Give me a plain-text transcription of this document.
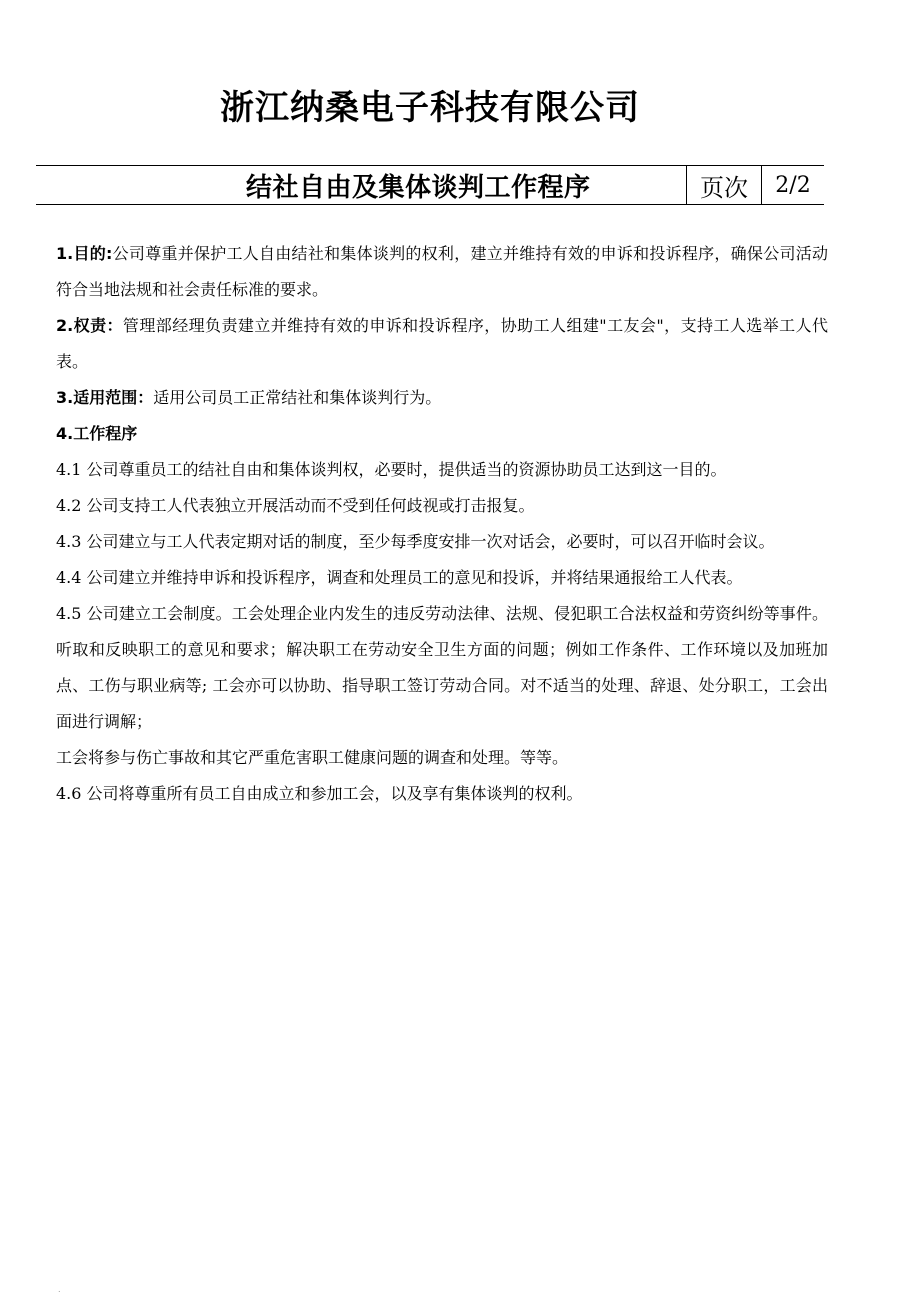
浙江纳桑电子科技有限公司
结社自由及集体谈判工作程序	页次	2/2

1.目的:公司尊重并保护工人自由结社和集体谈判的权利，建立并维持有效的申诉和投诉程序，确保公司活动符合当地法规和社会责任标准的要求。

2.权责：管理部经理负责建立并维持有效的申诉和投诉程序，协助工人组建"工友会"，支持工人选举工人代表。

3.适用范围：适用公司员工正常结社和集体谈判行为。

4.工作程序

4.1 公司尊重员工的结社自由和集体谈判权，必要时，提供适当的资源协助员工达到这一目的。

4.2 公司支持工人代表独立开展活动而不受到任何歧视或打击报复。

4.3 公司建立与工人代表定期对话的制度，至少每季度安排一次对话会，必要时，可以召开临时会议。

4.4 公司建立并维持申诉和投诉程序，调查和处理员工的意见和投诉，并将结果通报给工人代表。

4.5 公司建立工会制度。工会处理企业内发生的违反劳动法律、法规、侵犯职工合法权益和劳资纠纷等事件。听取和反映职工的意见和要求；解决职工在劳动安全卫生方面的问题；例如工作条件、工作环境以及加班加点、工伤与职业病等; 工会亦可以协助、指导职工签订劳动合同。对不适当的处理、辞退、处分职工，工会出面进行调解；

工会将参与伤亡事故和其它严重危害职工健康问题的调查和处理。等等。

4.6 公司将尊重所有员工自由成立和参加工会，以及享有集体谈判的权利。

.
